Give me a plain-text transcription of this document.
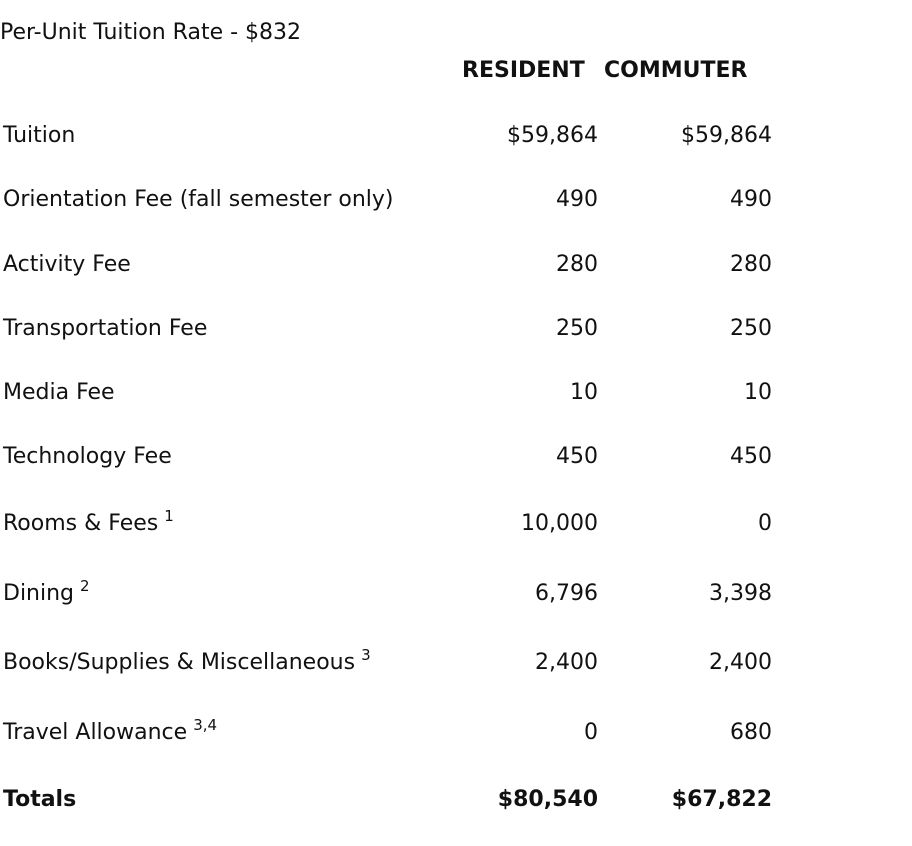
Per-Unit Tuition Rate - $832
RESIDENT COMMUTER
Tuition	$59,864	$59,864
Orientation Fee (fall semester only)	490	490
Activity Fee	280	280
Transportation Fee	250	250
Media Fee	10	10
Technology Fee	450	450
Rooms & Fees $^1$	10,000	0
Dining $^2$	6,796	3,398
Books/Supplies & Miscellaneous $^3$	2,400	2,400
Travel Allowance $^{3,4}$	0	680
Totals	$80,540	$67,822
